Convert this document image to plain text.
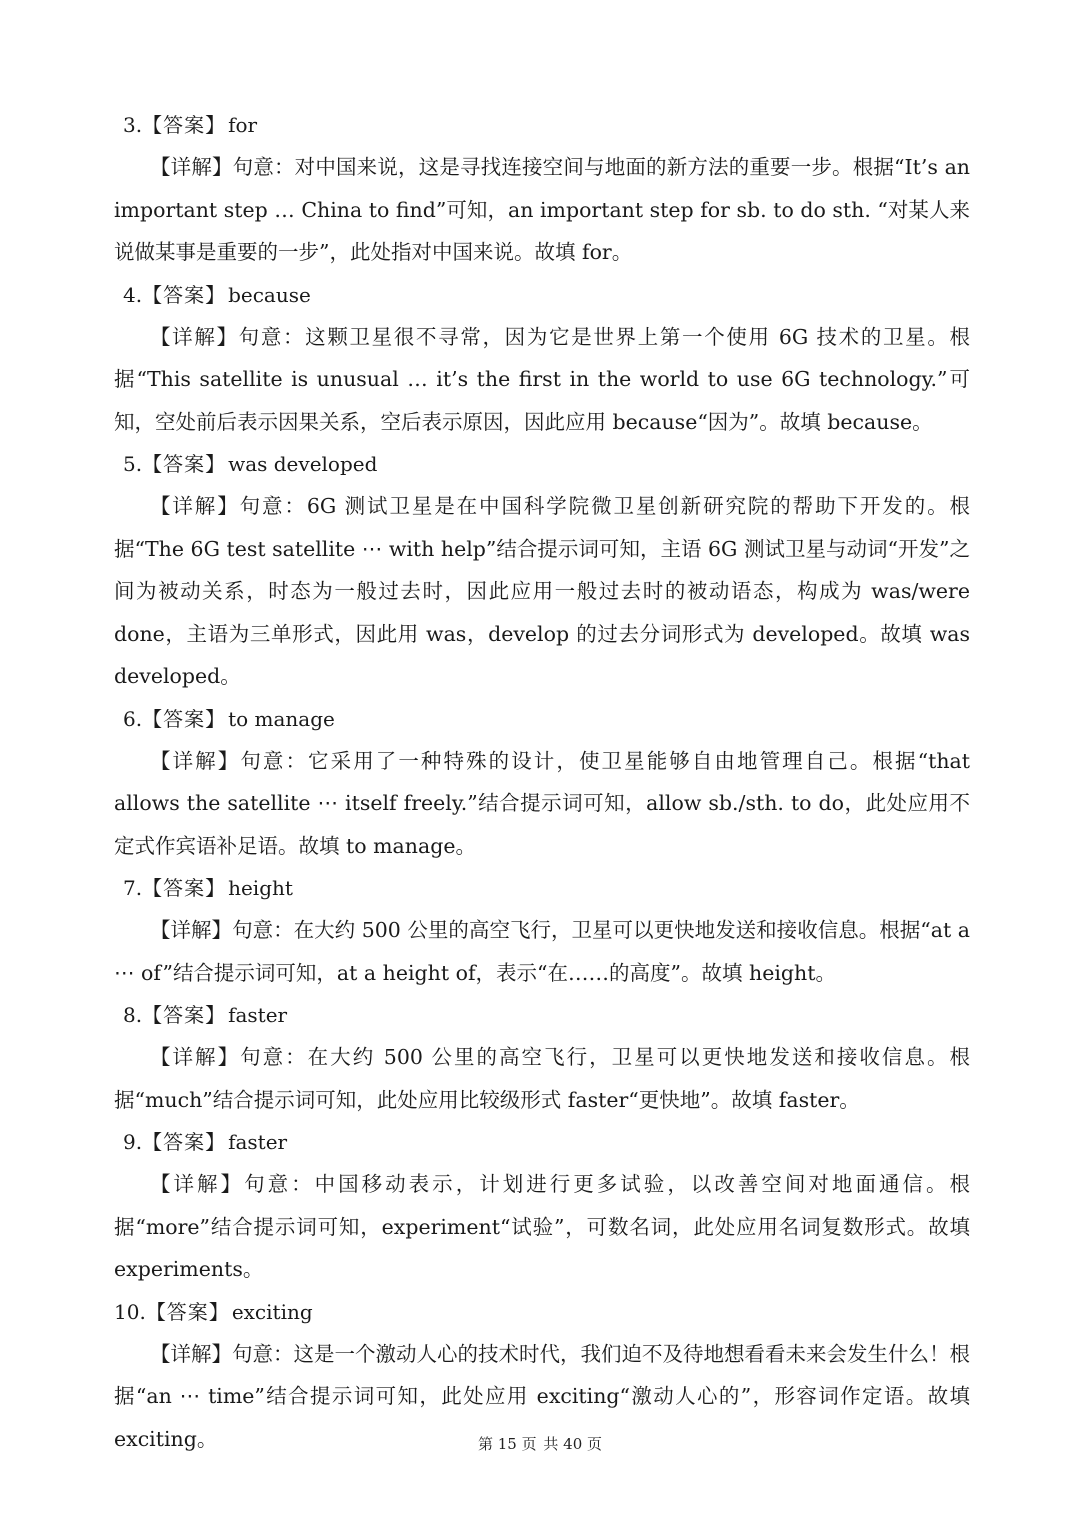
3.【答案】 for

【详解】句意：对中国来说，这是寻找连接空间与地面的新方法的重要一步。根据“It’s an important step … China to find”可知，an important step for sb. to do sth. “对某人来说做某事是重要的一步”，此处指对中国来说。故填 for。

4.【答案】 because

【详解】句意：这颗卫星很不寻常，因为它是世界上第一个使用 6G 技术的卫星。根据“This satellite is unusual … it’s the first in the world to use 6G technology.”可知，空处前后表示因果关系，空后表示原因，因此应用 because“因为”。故填 because。

5.【答案】 was developed

【详解】句意：6G 测试卫星是在中国科学院微卫星创新研究院的帮助下开发的。根据“The 6G test satellite ⋯ with help”结合提示词可知，主语 6G 测试卫星与动词“开发”之间为被动关系，时态为一般过去时，因此应用一般过去时的被动语态，构成为 was/were done，主语为三单形式，因此用 was，develop 的过去分词形式为 developed。故填 was developed。

6.【答案】 to manage

【详解】句意：它采用了一种特殊的设计，使卫星能够自由地管理自己。根据“that allows the satellite ⋯ itself freely.”结合提示词可知，allow sb./sth. to do，此处应用不定式作宾语补足语。故填 to manage。

7.【答案】 height

【详解】句意：在大约 500 公里的高空飞行，卫星可以更快地发送和接收信息。根据“at a ⋯ of”结合提示词可知，at a height of，表示“在……的高度”。故填 height。

8.【答案】 faster

【详解】句意：在大约 500 公里的高空飞行，卫星可以更快地发送和接收信息。根据“much”结合提示词可知，此处应用比较级形式 faster“更快地”。故填 faster。

9.【答案】 faster

【详解】句意：中国移动表示，计划进行更多试验，以改善空间对地面通信。根据“more”结合提示词可知，experiment“试验”，可数名词，此处应用名词复数形式。故填 experiments。

10.【答案】 exciting

【详解】句意：这是一个激动人心的技术时代，我们迫不及待地想看看未来会发生什么！根据“an ⋯ time”结合提示词可知，此处应用 exciting“激动人心的”，形容词作定语。故填 exciting。	第 15 页 共 40 页
